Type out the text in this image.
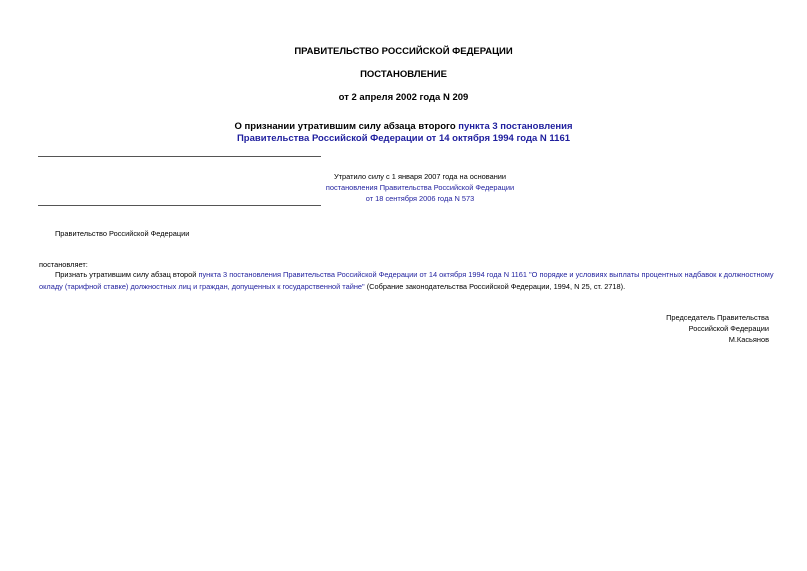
ПРАВИТЕЛЬСТВО РОССИЙСКОЙ ФЕДЕРАЦИИ
ПОСТАНОВЛЕНИЕ
от 2 апреля 2002 года N 209
О признании утратившим силу абзаца второго пункта 3 постановления
Правительства Российской Федерации от 14 октября 1994 года N 1161
Утратило силу с 1 января 2007 года на основании
постановления Правительства Российской Федерации
от 18 сентября 2006 года N 573
Правительство Российской Федерации
постановляет:
Признать утратившим силу абзац второй пункта 3 постановления Правительства Российской Федерации от 14 октября 1994 года N 1161 "О порядке и условиях выплаты процентных надбавок к должностному
окладу (тарифной ставке) должностных лиц и граждан, допущенных к государственной тайне" (Собрание законодательства Российской Федерации, 1994, N 25, ст. 2718).
Председатель Правительства
Российской Федерации
М.Касьянов
